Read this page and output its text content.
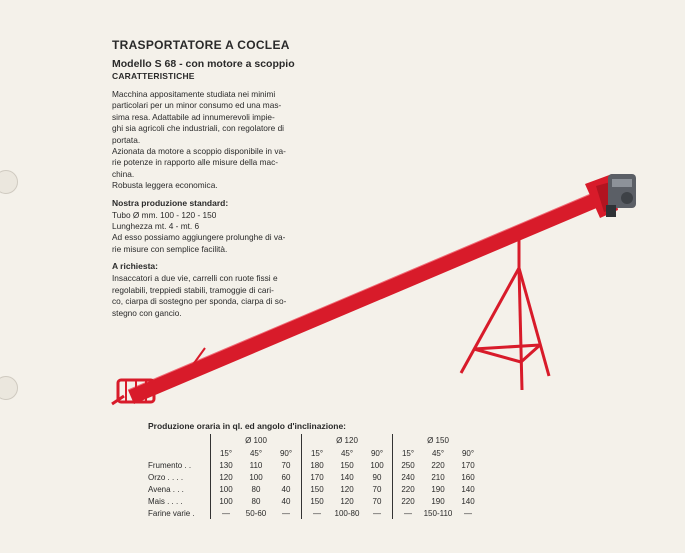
TRASPORTATORE A COCLEA
Modello S 68 - con motore a scoppio
CARATTERISTICHE

Macchina appositamente studiata nei minimi
particolari per un minor consumo ed una mas-
sima resa. Adattabile ad innumerevoli impie-
ghi sia agricoli che industriali, con regolatore di
portata.
Azionata da motore a scoppio disponibile in va-
rie potenze in rapporto alle misure della mac-
china.
Robusta leggera economica.

Nostra produzione standard:

Tubo Ø mm. 100 - 120 - 150
Lunghezza mt. 4 - mt. 6
Ad esso possiamo aggiungere prolunghe di va-
rie misure con semplice facilità.

A richiesta:

Insaccatori a due vie, carrelli con ruote fissi e
regolabili, treppiedi stabili, tramoggie di cari-
co, ciarpa di sostegno per sponda, ciarpa di so-
stegno con gancio.

Produzione oraria in ql. ed angolo d'inclinazione:
		Ø 100			Ø 120			Ø 150	
	15°	45°	90°	15°	45°	90°	15°	45°	90°
Frumento . .	130	110	70	180	150	100	250	220	170
Orzo . . . .	120	100	60	170	140	90	240	210	160
Avena . . .	100	80	40	150	120	70	220	190	140
Mais . . . .	100	80	40	150	120	70	220	190	140
Farine varie .	—	50-60	—	—	100-80	—	—	150-110	—
